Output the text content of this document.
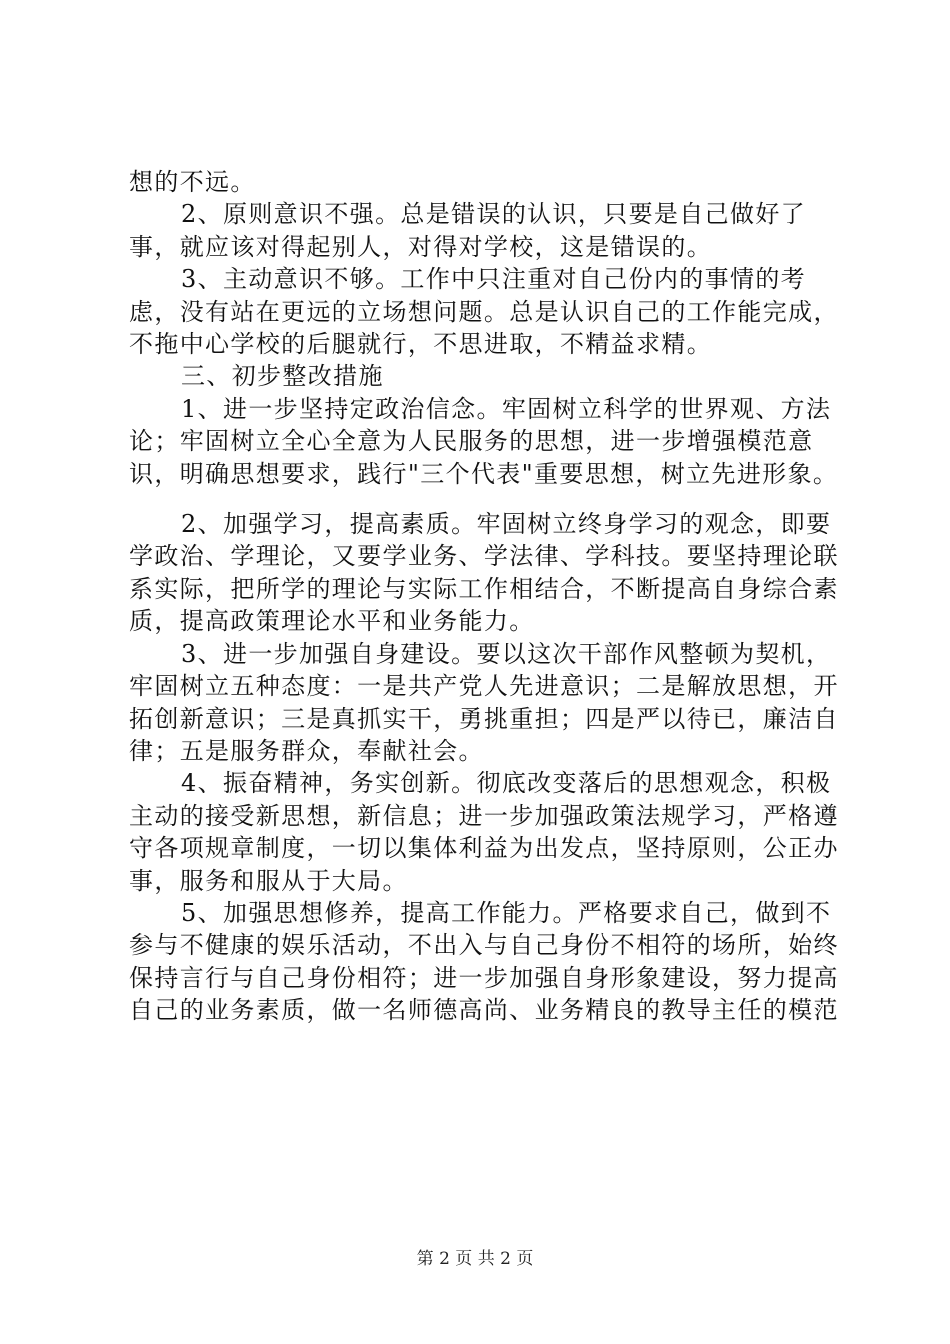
想的不远。

2、原则意识不强。总是错误的认识，只要是自己做好了事，就应该对得起别人，对得对学校，这是错误的。

3、主动意识不够。工作中只注重对自己份内的事情的考虑，没有站在更远的立场想问题。总是认识自己的工作能完成，不拖中心学校的后腿就行，不思进取，不精益求精。

三、初步整改措施

1、进一步坚持定政治信念。牢固树立科学的世界观、方法论；牢固树立全心全意为人民服务的思想，进一步增强模范意识，明确思想要求，践行"三个代表"重要思想，树立先进形象。

2、加强学习，提高素质。牢固树立终身学习的观念，即要学政治、学理论，又要学业务、学法律、学科技。要坚持理论联系实际，把所学的理论与实际工作相结合，不断提高自身综合素质，提高政策理论水平和业务能力。

3、进一步加强自身建设。要以这次干部作风整顿为契机，牢固树立五种态度：一是共产党人先进意识；二是解放思想，开拓创新意识；三是真抓实干，勇挑重担；四是严以待已，廉洁自律；五是服务群众，奉献社会。

4、振奋精神，务实创新。彻底改变落后的思想观念，积极主动的接受新思想，新信息；进一步加强政策法规学习，严格遵守各项规章制度，一切以集体利益为出发点，坚持原则，公正办事，服务和服从于大局。

5、加强思想修养，提高工作能力。严格要求自己，做到不参与不健康的娱乐活动，不出入与自己身份不相符的场所，始终保持言行与自己身份相符；进一步加强自身形象建设，努力提高自己的业务素质，做一名师德高尚、业务精良的教导主任的模范

第 2 页 共 2 页
